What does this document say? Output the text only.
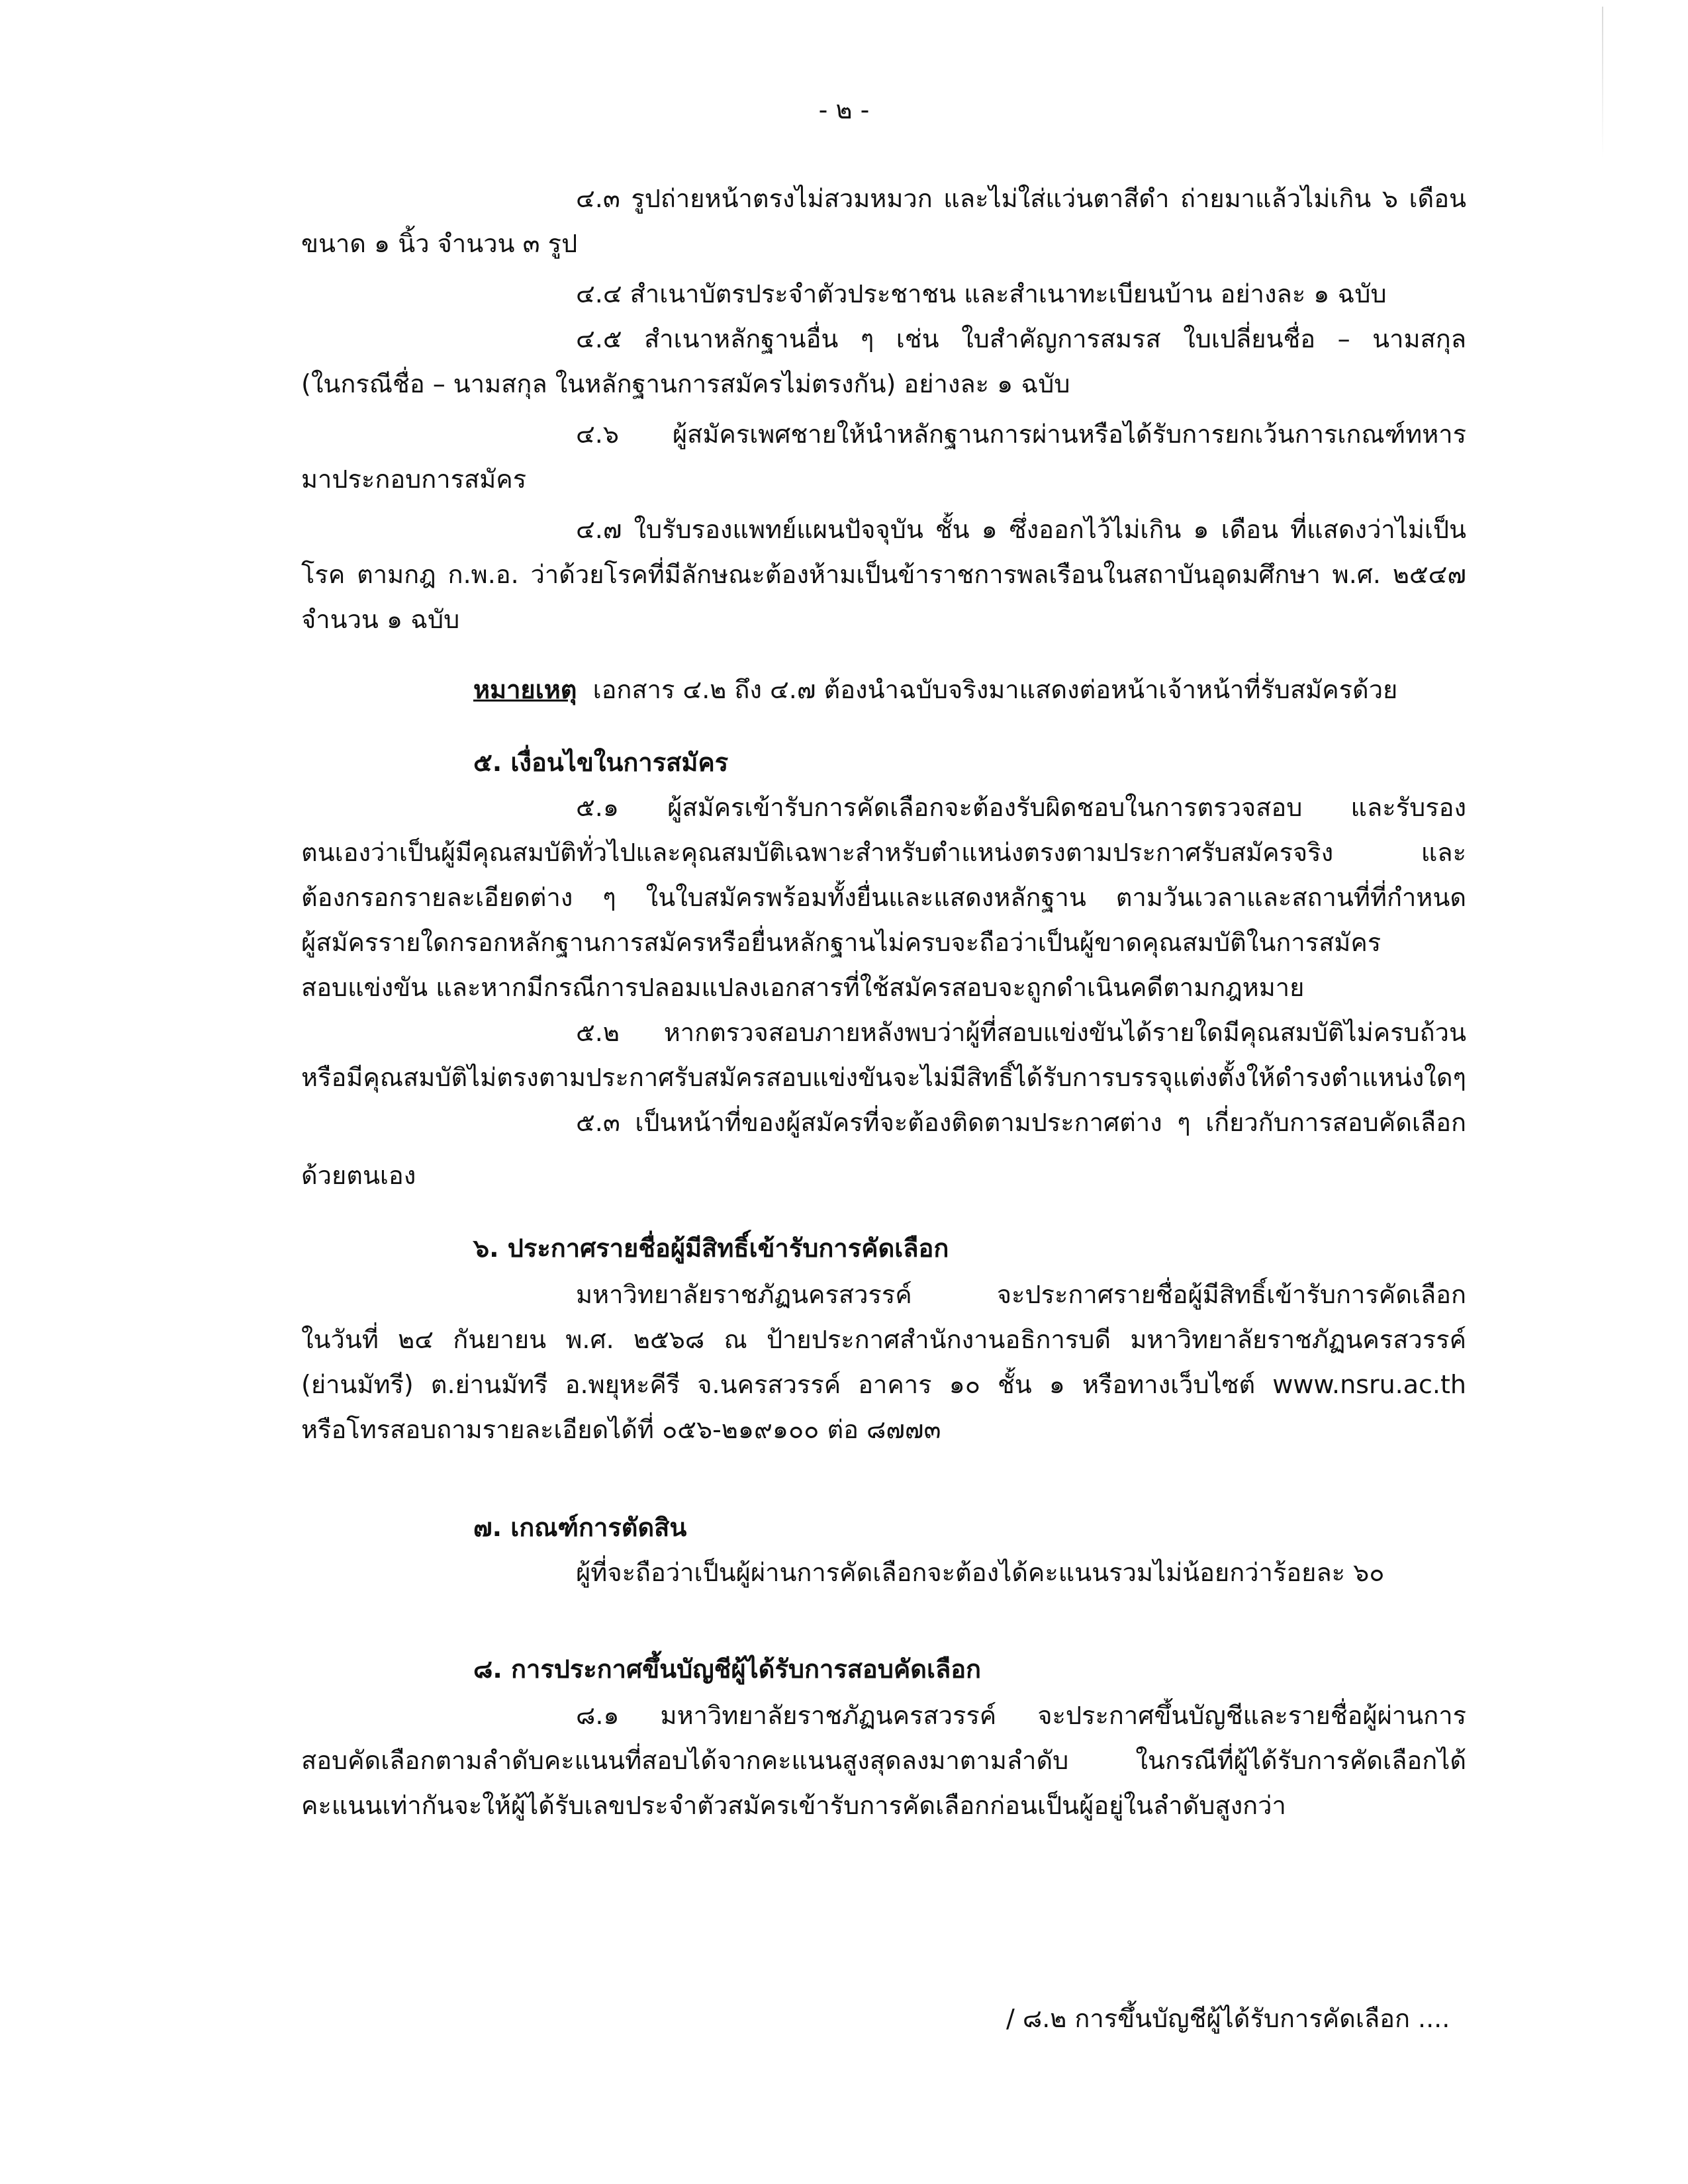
- ๒ -

๔.๓ รูปถ่ายหน้าตรงไม่สวมหมวก และไม่ใส่แว่นตาสีดำ ถ่ายมาแล้วไม่เกิน ๖ เดือน

ขนาด ๑ นิ้ว จำนวน ๓ รูป

๔.๔ สำเนาบัตรประจำตัวประชาชน และสำเนาทะเบียนบ้าน อย่างละ ๑ ฉบับ

๔.๕ สำเนาหลักฐานอื่น ๆ เช่น ใบสำคัญการสมรส ใบเปลี่ยนชื่อ – นามสกุล

(ในกรณีชื่อ – นามสกุล ในหลักฐานการสมัครไม่ตรงกัน) อย่างละ ๑ ฉบับ

๔.๖ ผู้สมัครเพศชายให้นำหลักฐานการผ่านหรือได้รับการยกเว้นการเกณฑ์ทหาร

มาประกอบการสมัคร

๔.๗ ใบรับรองแพทย์แผนปัจจุบัน ชั้น ๑ ซึ่งออกไว้ไม่เกิน ๑ เดือน ที่แสดงว่าไม่เป็น

โรค ตามกฎ ก.พ.อ. ว่าด้วยโรคที่มีลักษณะต้องห้ามเป็นข้าราชการพลเรือนในสถาบันอุดมศึกษา พ.ศ. ๒๕๔๗

จำนวน ๑ ฉบับ

หมายเหตุ เอกสาร ๔.๒ ถึง ๔.๗ ต้องนำฉบับจริงมาแสดงต่อหน้าเจ้าหน้าที่รับสมัครด้วย

๕. เงื่อนไขในการสมัคร

๕.๑ ผู้สมัครเข้ารับการคัดเลือกจะต้องรับผิดชอบในการตรวจสอบ และรับรอง

ตนเองว่าเป็นผู้มีคุณสมบัติทั่วไปและคุณสมบัติเฉพาะสำหรับตำแหน่งตรงตามประกาศรับสมัครจริง และ

ต้องกรอกรายละเอียดต่าง ๆ ในใบสมัครพร้อมทั้งยื่นและแสดงหลักฐาน ตามวันเวลาและสถานที่ที่กำหนด

ผู้สมัครรายใดกรอกหลักฐานการสมัครหรือยื่นหลักฐานไม่ครบจะถือว่าเป็นผู้ขาดคุณสมบัติในการสมัคร

สอบแข่งขัน และหากมีกรณีการปลอมแปลงเอกสารที่ใช้สมัครสอบจะถูกดำเนินคดีตามกฎหมาย

๕.๒ หากตรวจสอบภายหลังพบว่าผู้ที่สอบแข่งขันได้รายใดมีคุณสมบัติไม่ครบถ้วน

หรือมีคุณสมบัติไม่ตรงตามประกาศรับสมัครสอบแข่งขันจะไม่มีสิทธิ์ได้รับการบรรจุแต่งตั้งให้ดำรงตำแหน่งใดๆ

๕.๓ เป็นหน้าที่ของผู้สมัครที่จะต้องติดตามประกาศต่าง ๆ เกี่ยวกับการสอบคัดเลือก

ด้วยตนเอง

๖. ประกาศรายชื่อผู้มีสิทธิ์เข้ารับการคัดเลือก

มหาวิทยาลัยราชภัฏนครสวรรค์ จะประกาศรายชื่อผู้มีสิทธิ์เข้ารับการคัดเลือก

ในวันที่ ๒๔ กันยายน พ.ศ. ๒๕๖๘ ณ ป้ายประกาศสำนักงานอธิการบดี มหาวิทยาลัยราชภัฏนครสวรรค์

(ย่านมัทรี) ต.ย่านมัทรี อ.พยุหะคีรี จ.นครสวรรค์ อาคาร ๑๐ ชั้น ๑ หรือทางเว็บไซต์ www.nsru.ac.th

หรือโทรสอบถามรายละเอียดได้ที่ ๐๕๖-๒๑๙๑๐๐ ต่อ ๘๗๗๓

๗. เกณฑ์การตัดสิน

ผู้ที่จะถือว่าเป็นผู้ผ่านการคัดเลือกจะต้องได้คะแนนรวมไม่น้อยกว่าร้อยละ ๖๐

๘. การประกาศขึ้นบัญชีผู้ได้รับการสอบคัดเลือก

๘.๑ มหาวิทยาลัยราชภัฏนครสวรรค์ จะประกาศขึ้นบัญชีและรายชื่อผู้ผ่านการ

สอบคัดเลือกตามลำดับคะแนนที่สอบได้จากคะแนนสูงสุดลงมาตามลำดับ ในกรณีที่ผู้ได้รับการคัดเลือกได้

คะแนนเท่ากันจะให้ผู้ได้รับเลขประจำตัวสมัครเข้ารับการคัดเลือกก่อนเป็นผู้อยู่ในลำดับสูงกว่า

/ ๘.๒ การขึ้นบัญชีผู้ได้รับการคัดเลือก ....
